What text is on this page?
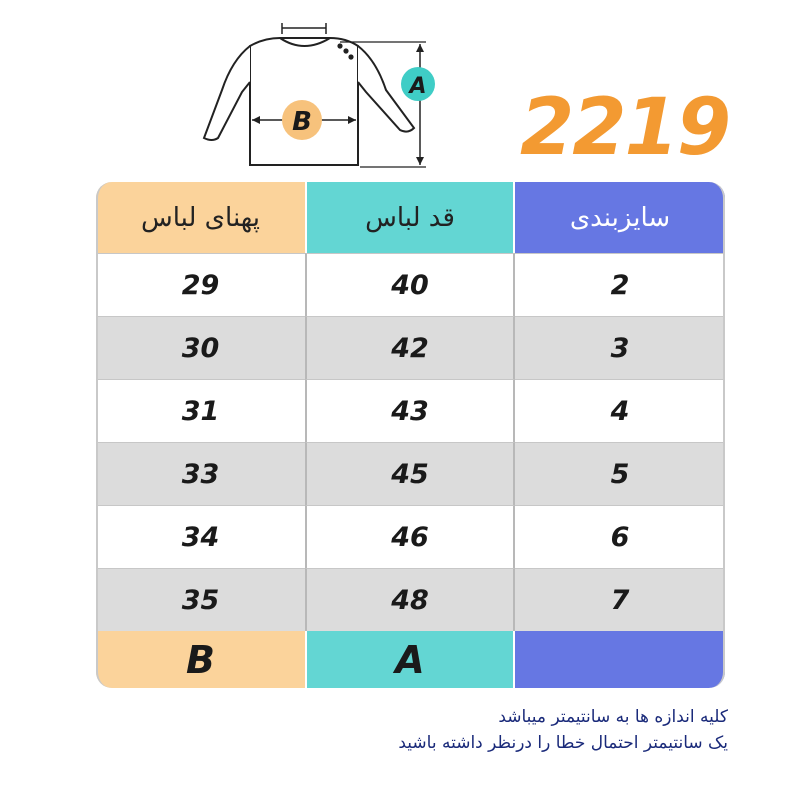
A
B	2219
پهنای لباس	قد لباس	سایزبندی
29	40	2
30	42	3
31	43	4
33	45	5
34	46	6
35	48	7
B	A
کلیه اندازه ها به سانتیمتر میباشد
یک سانتیمتر احتمال خطا را درنظر داشته باشید
